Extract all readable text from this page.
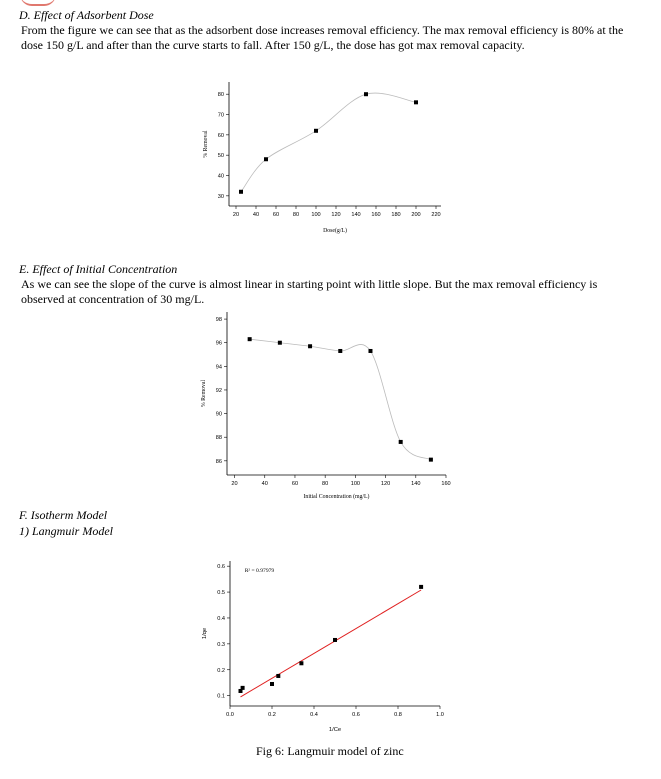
D. Effect of Adsorbent Dose
From the figure we can see that as the adsorbent dose increases removal efficiency. The max removal efficiency is 80% at the dose 150 g/L and after than the curve starts to fall. After 150 g/L, the dose has got max removal capacity.
20 40 60 80 100 120 140 160 180 200 220
30
40
50
60
70
80
Dose(g/L)
% Removal
E. Effect of Initial Concentration
As we can see the slope of the curve is almost linear in starting point with little slope. But the max removal efficiency is observed at concentration of 30 mg/L.
20	40	60	80	100	120	140	160
86
88
90
92
94
96
98
Initial Concentration (mg/L)
% Removal
F. Isotherm Model
1) Langmuir Model
0.0	0.2	0.4	0.6	0.8	1.0
0.1
0.2
0.3
0.4
0.5
0.6
1/Ce
1/qe
R² = 0.97979
Fig 6: Langmuir model of zinc
